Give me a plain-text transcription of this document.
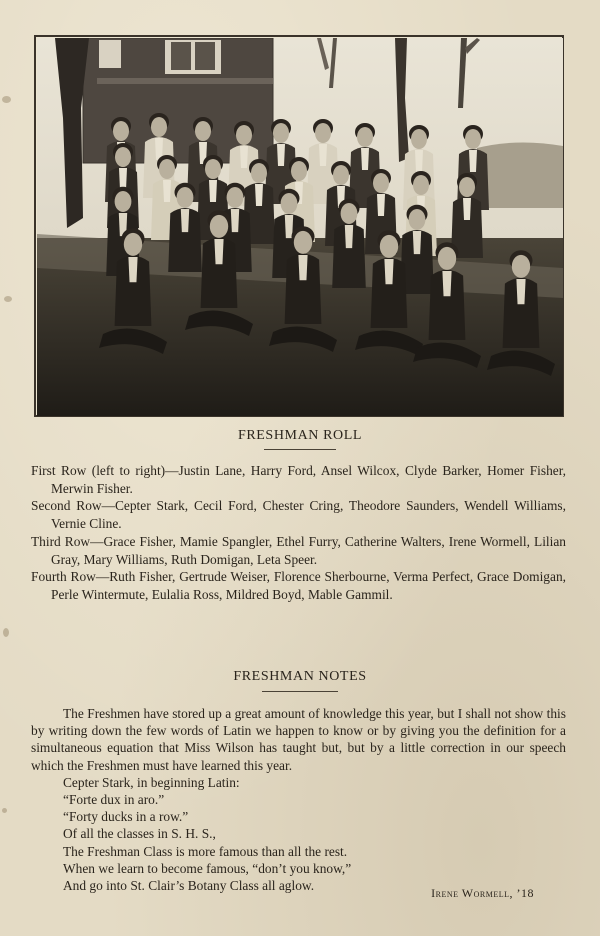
FRESHMAN ROLL

First Row (left to right)—Justin Lane, Harry Ford, Ansel Wilcox, Clyde Barker, Homer Fisher, Merwin Fisher.

Second Row—Cepter Stark, Cecil Ford, Chester Cring, Theodore Saunders, Wendell Williams, Vernie Cline.

Third Row—Grace Fisher, Mamie Spangler, Ethel Furry, Catherine Walters, Irene Wormell, Lilian Gray, Mary Williams, Ruth Domigan, Leta Speer.

Fourth Row—Ruth Fisher, Gertrude Weiser, Florence Sherbourne, Verma Perfect, Grace Domigan, Perle Wintermute, Eulalia Ross, Mildred Boyd, Mable Gammil.

FRESHMAN NOTES

The Freshmen have stored up a great amount of knowledge this year, but I shall not show this by writing down the few words of Latin we happen to know or by giving you the definition for a simultaneous equation that Miss Wilson has taught but, but by a little correction in our speech which the Freshmen must have learned this year.

Cepter Stark, in beginning Latin:

“Forte dux in aro.”

“Forty ducks in a row.”

Of all the classes in S. H. S.,

The Freshman Class is more famous than all the rest.

When we learn to become famous, “don’t you know,”

And go into St. Clair’s Botany Class all aglow.	Irene Wormell, ’18
